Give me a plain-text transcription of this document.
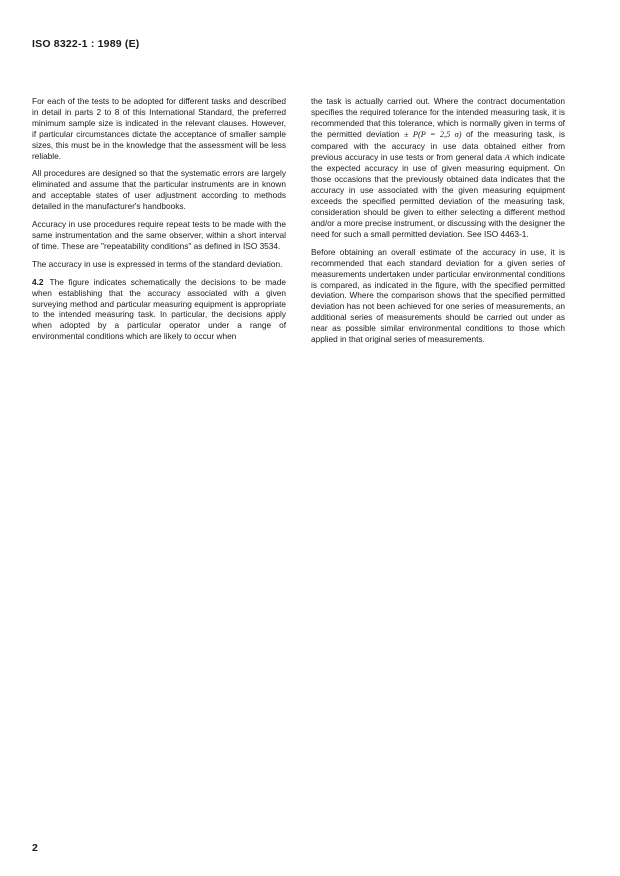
ISO 8322-1 : 1989 (E)

For each of the tests to be adopted for different tasks and described in detail in parts 2 to 8 of this International Standard, the preferred minimum sample size is indicated in the relevant clauses. However, if particular circumstances dictate the acceptance of smaller sample sizes, this must be in the knowledge that the assessment will be less reliable.

All procedures are designed so that the systematic errors are largely eliminated and assume that the particular instruments are in known and acceptable states of user adjustment according to methods detailed in the manufacturer's handbooks.

Accuracy in use procedures require repeat tests to be made with the same instrumentation and the same observer, within a short interval of time. These are "repeatability conditions" as defined in ISO 3534.

The accuracy in use is expressed in terms of the standard deviation.

4.2 The figure indicates schematically the decisions to be made when establishing that the accuracy associated with a given surveying method and particular measuring equipment is appropriate to the intended measuring task. In particular, the decisions apply when adopted by a particular operator under a range of environmental conditions which are likely to occur when

the task is actually carried out. Where the contract documentation specifies the required tolerance for the intended measuring task, it is recommended that this tolerance, which is normally given in terms of the permitted deviation ± P(P = 2,5 σ) of the measuring task, is compared with the accuracy in use data obtained either from previous accuracy in use tests or from general data A which indicate the expected accuracy in use of given measuring equipment. On those occasions that the previously obtained data indicates that the accuracy in use associated with the given measuring equipment exceeds the specified permitted deviation of the measuring task, consideration should be given to either selecting a different method and/or a more precise instrument, or discussing with the designer the need for such a small permitted deviation. See ISO 4463-1.

Before obtaining an overall estimate of the accuracy in use, it is recommended that each standard deviation for a given series of measurements undertaken under particular environmental conditions is compared, as indicated in the figure, with the specified permitted deviation. Where the comparison shows that the specified permitted deviation has not been achieved for one series of measurements, an additional series of measurements should be carried out under as near as possible similar environmental conditions to those which applied in that original series of measurements.

2
